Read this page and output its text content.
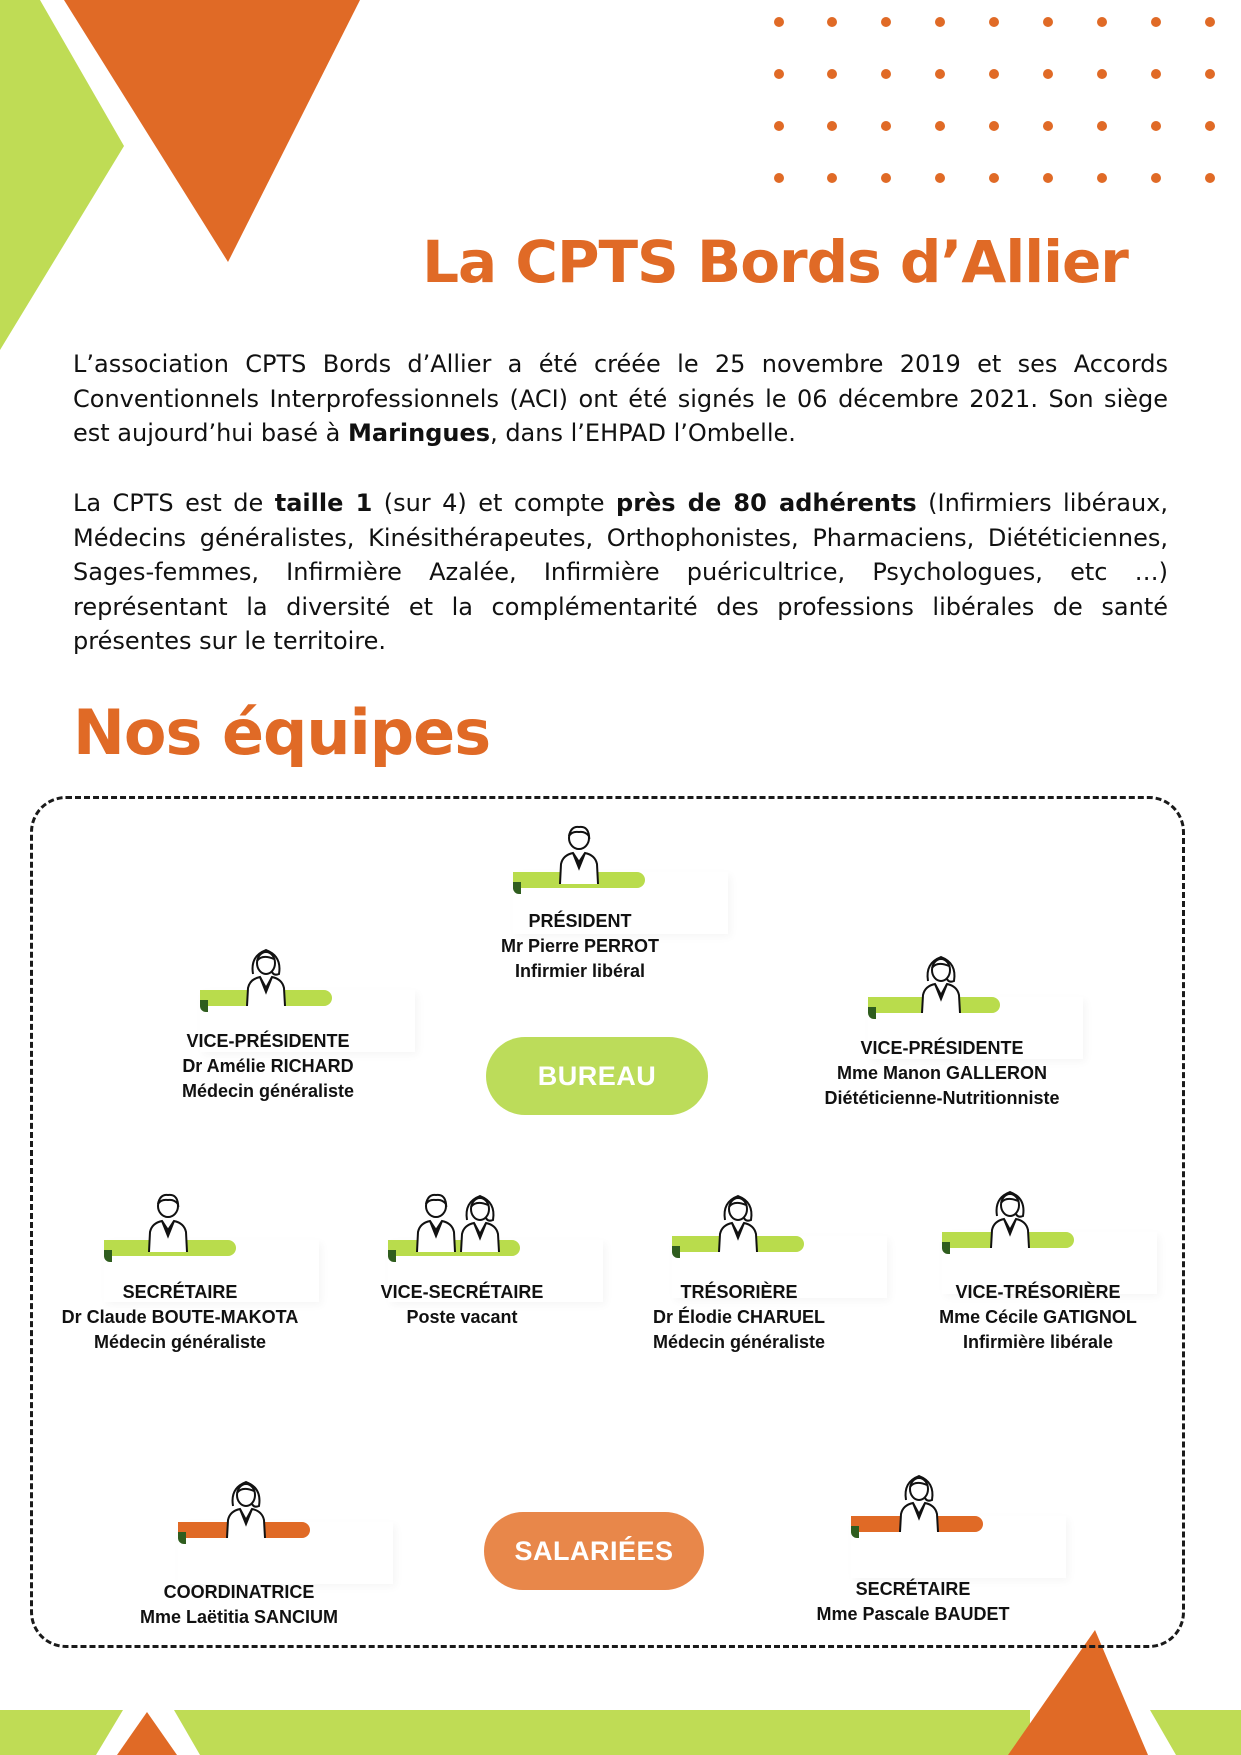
La CPTS Bords d’Allier

L’association CPTS Bords d’Allier a été créée le 25 novembre 2019 et ses Accords Conventionnels Interprofessionnels (ACI) ont été signés le 06 décembre 2021. Son siège est aujourd’hui basé à Maringues, dans l’EHPAD l’Ombelle.

La CPTS est de taille 1 (sur 4) et compte près de 80 adhérents (Infirmiers libéraux, Médecins généralistes, Kinésithérapeutes, Orthophonistes, Pharmaciens, Diététiciennes, Sages-femmes, Infirmière Azalée, Infirmière puéricultrice, Psychologues, etc …) représentant la diversité et la complémentarité des professions libérales de santé présentes sur le territoire.

Nos équipes
BUREAU
SALARIÉES
PRÉSIDENT
Mr Pierre PERROT
Infirmier libéral
VICE-PRÉSIDENTE
Dr Amélie RICHARD
Médecin généraliste
VICE-PRÉSIDENTE
Mme Manon GALLERON
Diététicienne-Nutritionniste
SECRÉTAIRE
Dr Claude BOUTE-MAKOTA
Médecin généraliste
VICE-SECRÉTAIRE
Poste vacant
TRÉSORIÈRE
Dr Élodie CHARUEL
Médecin généraliste
VICE-TRÉSORIÈRE
Mme Cécile GATIGNOL
Infirmière libérale
COORDINATRICE
Mme Laëtitia SANCIUM
SECRÉTAIRE
Mme Pascale BAUDET
